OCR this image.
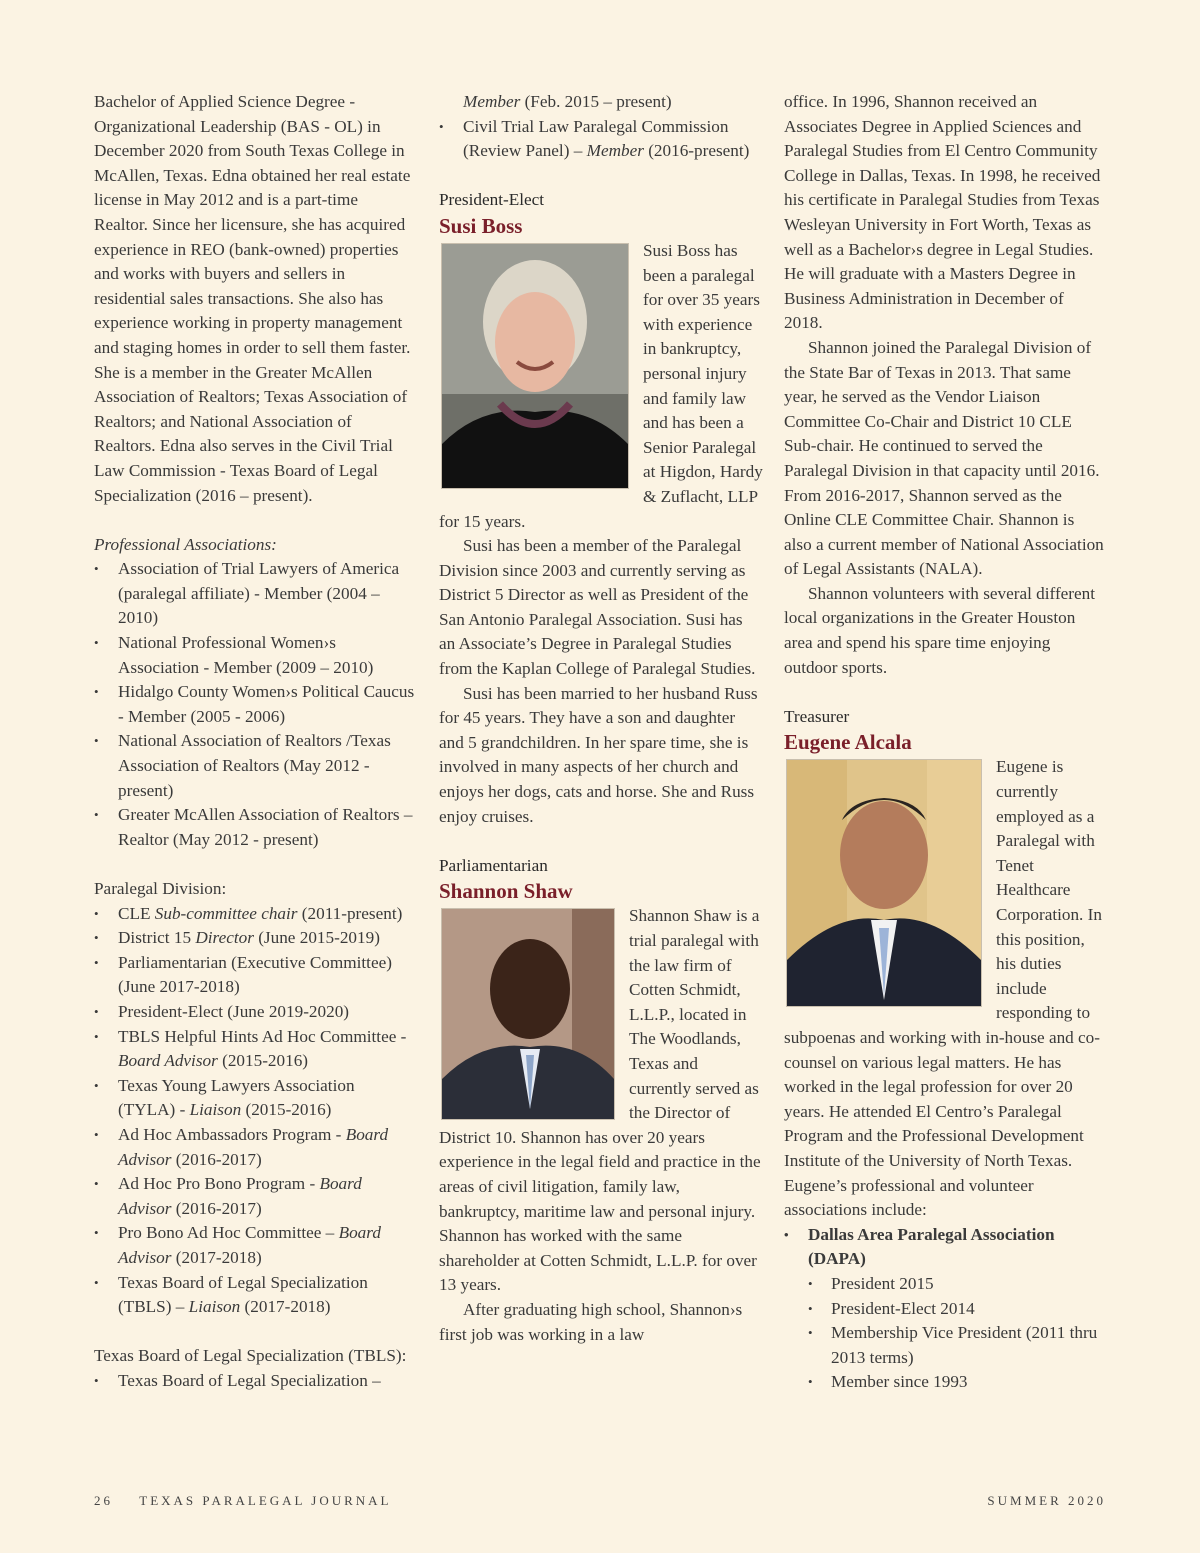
Bachelor of Applied Science Degree - Organizational Leadership (BAS - OL) in December 2020 from South Texas College in McAllen, Texas. Edna obtained her real estate license in May 2012 and is a part-time Realtor. Since her licensure, she has acquired experience in REO (bank-owned) properties and works with buyers and sellers in residential sales transactions. She also has experience working in property management and staging homes in order to sell them faster. She is a member in the Greater McAllen Association of Realtors; Texas Association of Realtors; and National Association of Realtors. Edna also serves in the Civil Trial Law Commission - Texas Board of Legal Specialization (2016 – present).

Professional Associations:

• Association of Trial Lawyers of America (paralegal affiliate) - Member (2004 – 2010)
• National Professional Women›s Association - Member (2009 – 2010)
• Hidalgo County Women›s Political Caucus - Member (2005 - 2006)
• National Association of Realtors /Texas Association of Realtors (May 2012 - present)
• Greater McAllen Association of Realtors – Realtor (May 2012 - present)

Paralegal Division:

• CLE Sub-committee chair (2011-present)
• District 15 Director (June 2015-2019)
• Parliamentarian (Executive Committee) (June 2017-2018)
• President-Elect (June 2019-2020)
• TBLS Helpful Hints Ad Hoc Committee - Board Advisor (2015-2016)
• Texas Young Lawyers Association (TYLA) - Liaison (2015-2016)
• Ad Hoc Ambassadors Program - Board Advisor (2016-2017)
• Ad Hoc Pro Bono Program - Board Advisor (2016-2017)
• Pro Bono Ad Hoc Committee – Board Advisor (2017-2018)
• Texas Board of Legal Specialization (TBLS) – Liaison (2017-2018)

Texas Board of Legal Specialization (TBLS):

• Texas Board of Legal Specialization –

Member (Feb. 2015 – present)

• Civil Trial Law Paralegal Commission (Review Panel) – Member (2016-present)

President-Elect

Susi Boss

Susi Boss has been a paralegal for over 35 years with experience in bankruptcy, personal injury and family law and has been a Senior Paralegal at Higdon, Hardy & Zuflacht, LLP for 15 years.

Susi has been a member of the Paralegal Division since 2003 and currently serving as District 5 Director as well as President of the San Antonio Paralegal Association. Susi has an Associate’s Degree in Paralegal Studies from the Kaplan College of Paralegal Studies.

Susi has been married to her husband Russ for 45 years. They have a son and daughter and 5 grandchildren. In her spare time, she is involved in many aspects of her church and enjoys her dogs, cats and horse. She and Russ enjoy cruises.

Parliamentarian

Shannon Shaw

Shannon Shaw is a trial paralegal with the law firm of Cotten Schmidt, L.L.P., located in The Woodlands, Texas and currently served as the Director of District 10. Shannon has over 20 years experience in the legal field and practice in the areas of civil litigation, family law, bankruptcy, maritime law and personal injury. Shannon has worked with the same shareholder at Cotten Schmidt, L.L.P. for over 13 years.

After graduating high school, Shannon›s first job was working in a law

office. In 1996, Shannon received an Associates Degree in Applied Sciences and Paralegal Studies from El Centro Community College in Dallas, Texas. In 1998, he received his certificate in Paralegal Studies from Texas Wesleyan University in Fort Worth, Texas as well as a Bachelor›s degree in Legal Studies. He will graduate with a Masters Degree in Business Administration in December of 2018.

Shannon joined the Paralegal Division of the State Bar of Texas in 2013. That same year, he served as the Vendor Liaison Committee Co-Chair and District 10 CLE Sub-chair. He continued to served the Paralegal Division in that capacity until 2016. From 2016-2017, Shannon served as the Online CLE Committee Chair. Shannon is also a current member of National Association of Legal Assistants (NALA).

Shannon volunteers with several different local organizations in the Greater Houston area and spend his spare time enjoying outdoor sports.

Treasurer

Eugene Alcala

Eugene is currently employed as a Paralegal with Tenet Healthcare Corporation. In this position, his duties include responding to subpoenas and working with in-house and co-counsel on various legal matters. He has worked in the legal profession for over 20 years. He attended El Centro’s Paralegal Program and the Professional Development Institute of the University of North Texas.

Eugene’s professional and volunteer associations include:

• Dallas Area Paralegal Association (DAPA)
• President 2015
• President-Elect 2014
• Membership Vice President (2011 thru 2013 terms)
• Member since 1993
26 TEXAS PARALEGAL JOURNAL	SUMMER 2020
